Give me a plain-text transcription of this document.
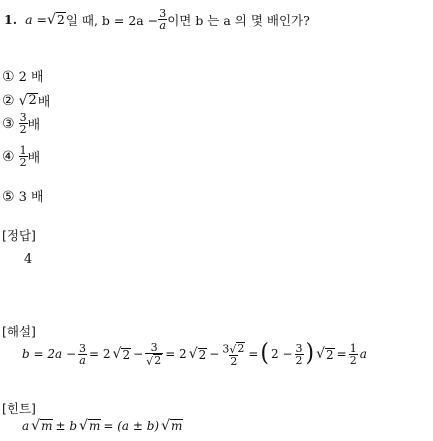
1. a = √ 2 일 때, $b = 2a - \frac{3}{a}$ 이면 b 는 a 의 몇 배인가?
① 2 배
② √ 2 배
③ $\frac{3}{2}$ 배
④ $\frac{1}{2}$ 배
⑤ 3 배
[정답]
4
[해설]
$b = 2a - \frac{3}{a} = 2$ √ $2 - \frac{3}{√ 2} = 2$ √ $2 - \frac{3 √ 2}{2}$ = ( $2 - \frac{3}{2}$ ) √ $2 = \frac{1}{2}$ a
[힌트]
a √ m ± b √ m = (a ± b) √ m
